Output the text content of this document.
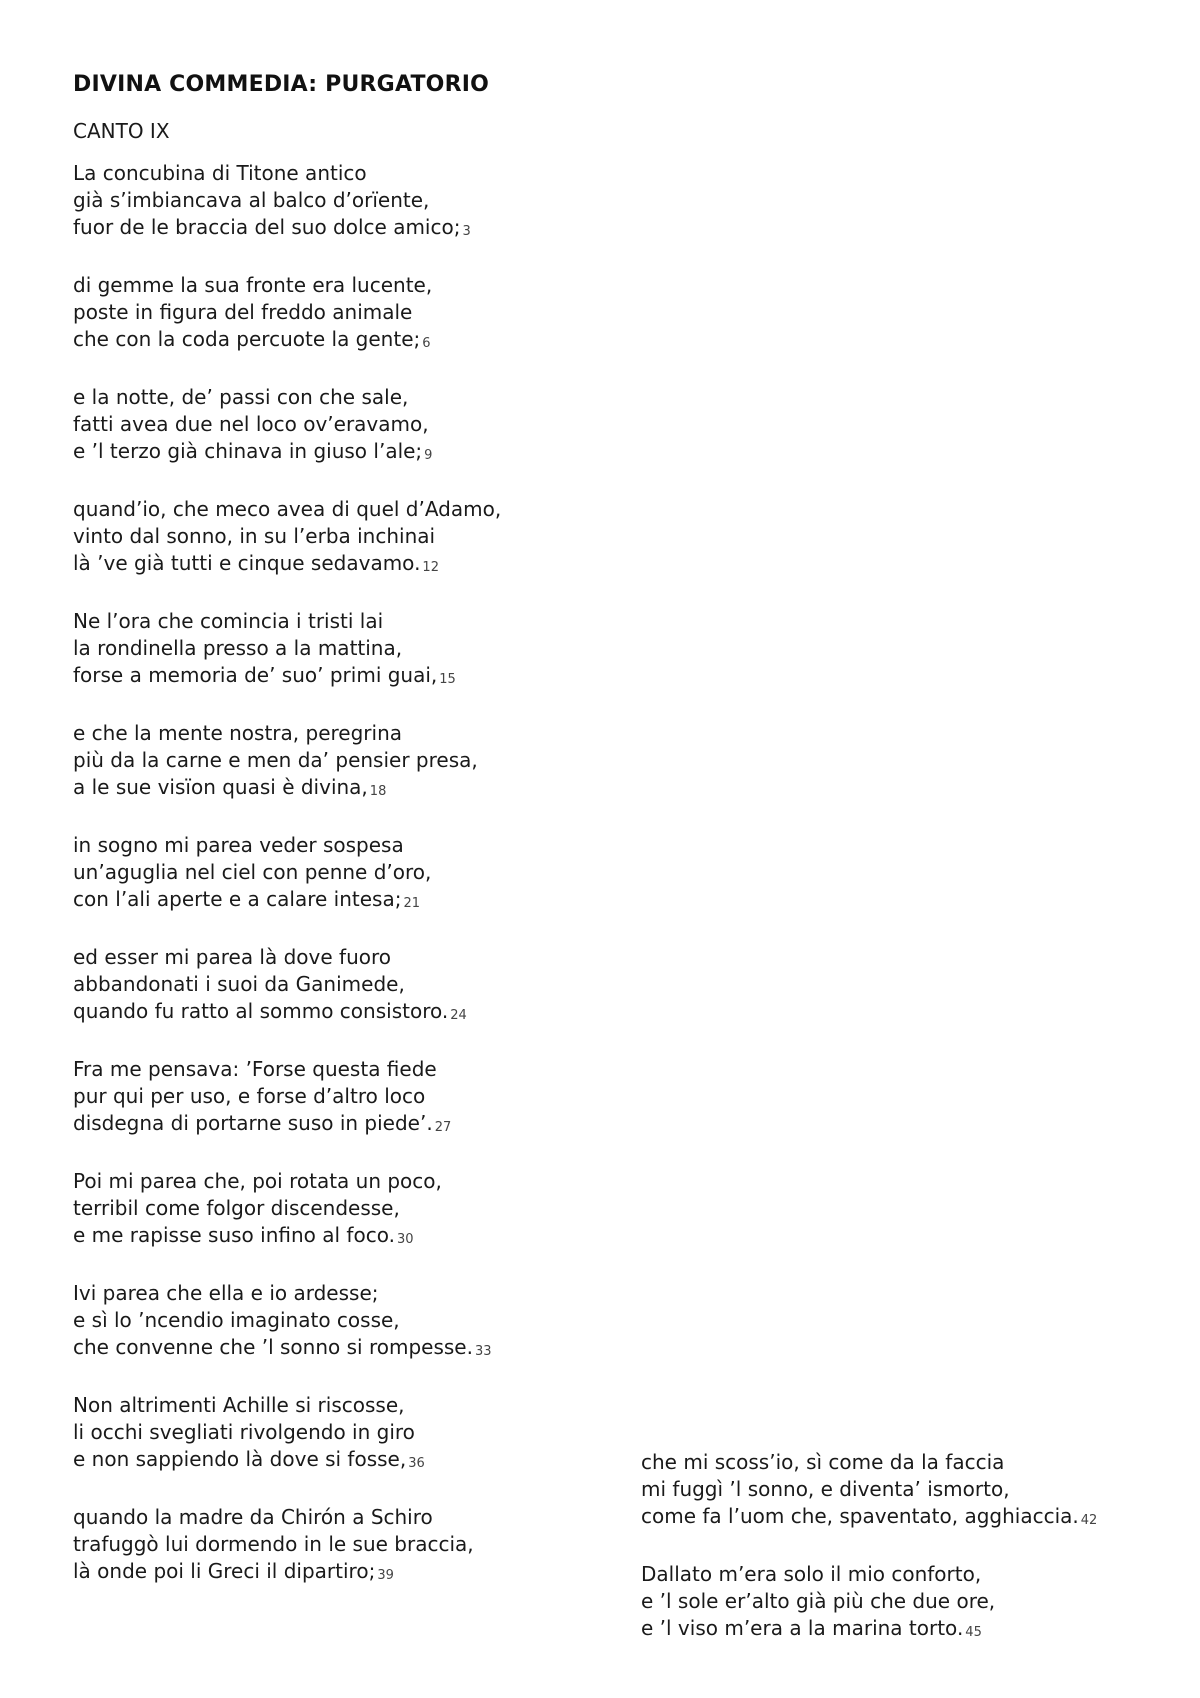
DIVINA COMMEDIA: PURGATORIO
CANTO IX
La concubina di Titone antico
già s’imbiancava al balco d’orïente,
fuor de le braccia del suo dolce amico; 3
di gemme la sua fronte era lucente,
poste in figura del freddo animale
che con la coda percuote la gente; 6
e la notte, de’ passi con che sale,
fatti avea due nel loco ov’eravamo,
e ’l terzo già chinava in giuso l’ale; 9
quand’io, che meco avea di quel d’Adamo,
vinto dal sonno, in su l’erba inchinai
là ’ve già tutti e cinque sedavamo. 12
Ne l’ora che comincia i tristi lai
la rondinella presso a la mattina,
forse a memoria de’ suo’ primi guai, 15
e che la mente nostra, peregrina
più da la carne e men da’ pensier presa,
a le sue visïon quasi è divina, 18
in sogno mi parea veder sospesa
un’aguglia nel ciel con penne d’oro,
con l’ali aperte e a calare intesa; 21
ed esser mi parea là dove fuoro
abbandonati i suoi da Ganimede,
quando fu ratto al sommo consistoro. 24
Fra me pensava: ’Forse questa fiede
pur qui per uso, e forse d’altro loco
disdegna di portarne suso in piede’. 27
Poi mi parea che, poi rotata un poco,
terribil come folgor discendesse,
e me rapisse suso infino al foco. 30
Ivi parea che ella e io ardesse;
e sì lo ’ncendio imaginato cosse,
che convenne che ’l sonno si rompesse. 33
Non altrimenti Achille si riscosse,
li occhi svegliati rivolgendo in giro
e non sappiendo là dove si fosse, 36
quando la madre da Chirón a Schiro
trafuggò lui dormendo in le sue braccia,
là onde poi li Greci il dipartiro; 39
che mi scoss’io, sì come da la faccia
mi fuggì ’l sonno, e diventa’ ismorto,
come fa l’uom che, spaventato, agghiaccia. 42
Dallato m’era solo il mio conforto,
e ’l sole er’alto già più che due ore,
e ’l viso m’era a la marina torto. 45
